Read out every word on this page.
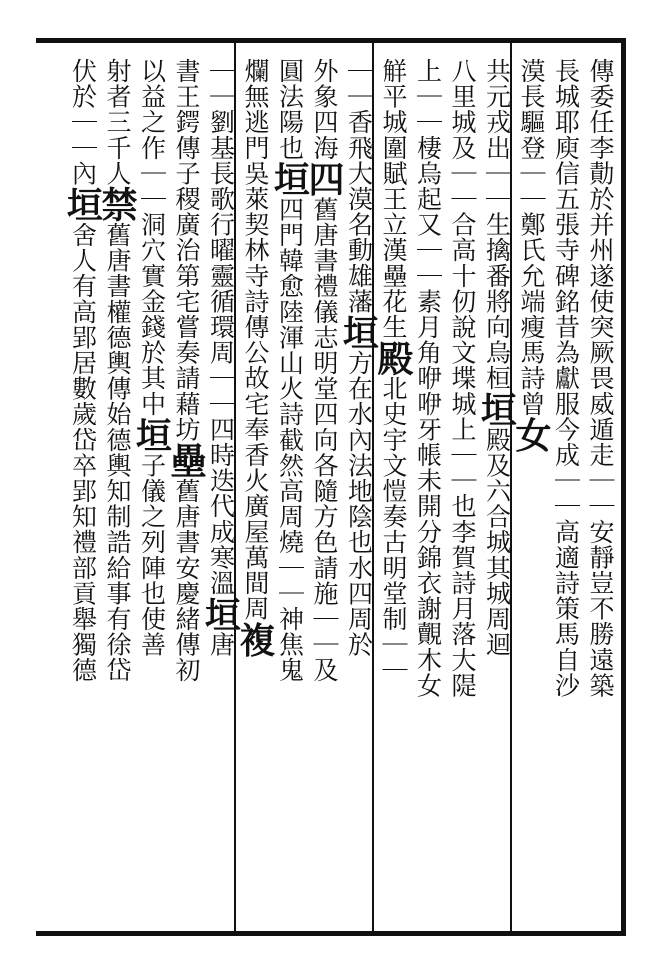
傳委任李勣於并州遂使突厥畏威遁走｜｜安靜豈不勝遠築
長城耶庾信五張寺碑銘昔為獻服今成｜｜高適詩策馬自沙
漠長驅登｜｜鄭氏允端瘦馬詩曾女
共元戎出｜｜生擒番將向烏桓垣殿及六合城其城周迴
八里城及｜｜合高十仞說文堞城上｜｜也李賀詩月落大隄
上｜｜棲烏起又｜｜素月角咿咿牙帳未開分錦衣謝覿木女
觧平城圍賦王立漢壘花生殿北史宇文愷奏古明堂制｜｜
｜｜香飛大漠名動雄藩垣方在水內法地陰也水四周於
外象四海四舊唐書禮儀志明堂四向各隨方色請施｜｜及
圓法陽也垣四門韓愈陸渾山火詩截然高周燒｜｜神焦鬼
爛無逃門吳萊契林寺詩傳公故宅奉香火廣屋萬間周複
｜｜劉基長歌行曜靈循環周｜｜四時迭代成寒溫垣唐
書王鍔傳子稷廣治第宅嘗奏請藉坊壘舊唐書安慶緒傳初
以益之作｜｜洞穴實金錢於其中垣子儀之列陣也使善
射者三千人禁舊唐書權德輿傳始德輿知制誥給事有徐岱
伏於｜｜內垣舍人有高郢居數歲岱卒郢知禮部貢舉獨德
